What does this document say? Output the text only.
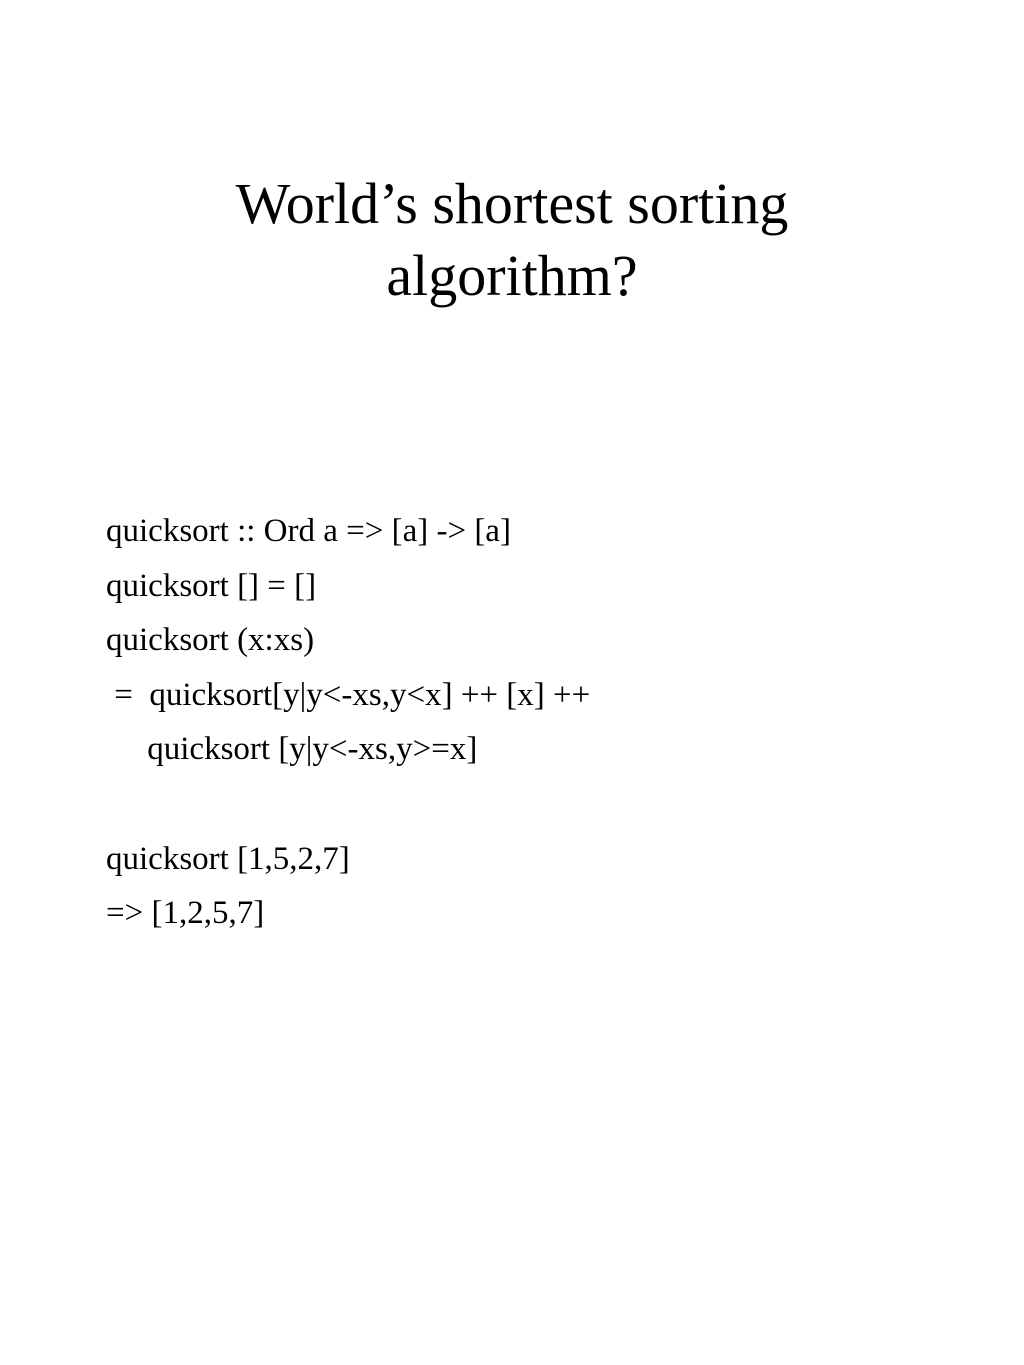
World’s shortest sorting
algorithm?
quicksort :: Ord a => [a] -> [a]
quicksort [] = []
quicksort (x:xs)
=  quicksort[y|y<-xs,y<x] ++ [x] ++
quicksort [y|y<-xs,y>=x]
quicksort [1,5,2,7]
=> [1,2,5,7]
